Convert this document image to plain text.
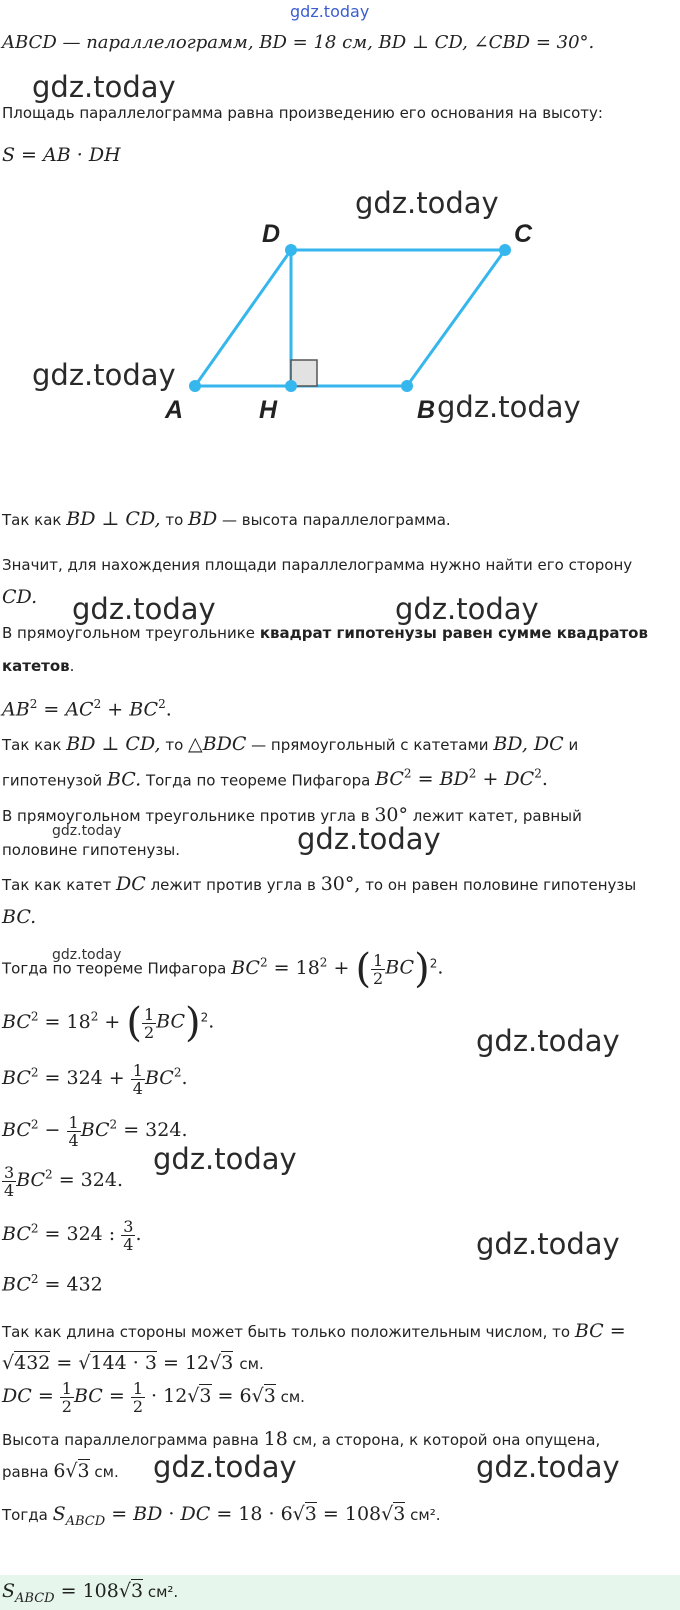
gdz.today
ABCD — параллелограмм, BD = 18 см, BD ⊥ CD, ∠CBD = 30°.
gdz.today
gdz.today
gdz.today
gdz.today
gdz.today	gdz.today
gdz.today	gdz.today
gdz.today
gdz.today
gdz.today
gdz.today
gdz.today	gdz.today
Площадь параллелограмма равна произведению его основания на высоту:
S = AB · DH
A	H	B
C
D
Так как BD ⊥ CD, то BD — высота параллелограмма.
Значит, для нахождения площади параллелограмма нужно найти его сторону
CD.
В прямоугольном треугольнике квадрат гипотенузы равен сумме квадратов
катетов.
$AB^2 = AC^2 + BC^2$.
Так как BD ⊥ CD, то △BDC — прямоугольный с катетами BD, DC и
гипотенузой BC. Тогда по теореме Пифагора $BC^2 = BD^2 + DC^2$.
В прямоугольном треугольнике против угла в 30° лежит катет, равный
половине гипотенузы.
Так как катет DC лежит против угла в 30°, то он равен половине гипотенузы
BC.
Тогда по теореме Пифагора $BC^2 = 18^2$ + ( $\frac{1}{2} BC)^2$.
$BC^2 = 18^2$ + ( $\frac{1}{2} BC)^2$.
$BC^2 = 324 + \frac{1}{4} BC^2$.
$BC^2 - \frac{1}{4} BC^2 = 324$.
$\frac{3}{4} BC^2 = 324$.
$BC^2 = 324$ : $\frac{3}{4}$ .
$BC^2 = 432$
Так как длина стороны может быть только положительным числом, то BC =
√432 = √144 · 3 = 12√3 см.
DC = $\frac{1}{2}$ BC = $\frac{1}{2} \cdot 12√3 = 6√3$ см.
Высота параллелограмма равна 18 см, а сторона, к которой она опущена,
равна 6√3 см.
Тогда $S_{ABCD}$ = BD · DC = 18 · 6√3 = 108√3 см².
$S_{ABCD} = 108√3$ см².
